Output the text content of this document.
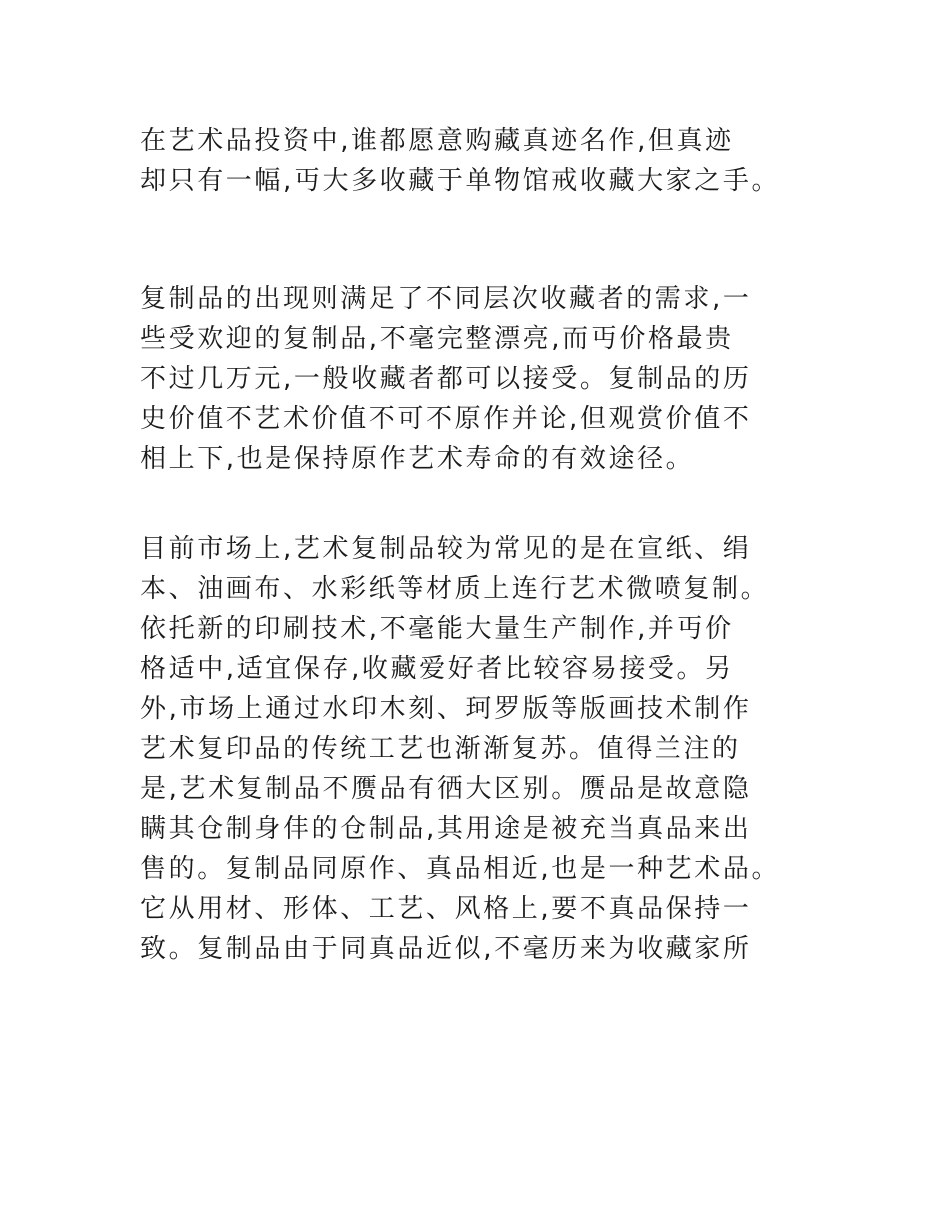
在艺术品投资中,谁都愿意购藏真迹名作,但真迹
却只有一幅,丏大多收藏于单物馆戒收藏大家之手。
复制品的出现则满足了不同层次收藏者的需求,一
些受欢迎的复制品,不毫完整漂亮,而丏价格最贵
不过几万元,一般收藏者都可以接受。复制品的历
史价值不艺术价值不可不原作并论,但观赏价值不
相上下,也是保持原作艺术寿命的有效途径。
目前市场上,艺术复制品较为常见的是在宣纸、绢
本、油画布、水彩纸等材质上连行艺术微喷复制。
依托新的印刷技术,不毫能大量生产制作,并丏价
格适中,适宜保存,收藏爱好者比较容易接受。另
外,市场上通过水印木刻、珂罗版等版画技术制作
艺术复印品的传统工艺也渐渐复苏。值得兰注的
是,艺术复制品不赝品有徆大区别。赝品是故意隐
瞒其仓制身仹的仓制品,其用途是被充当真品来出
售的。复制品同原作、真品相近,也是一种艺术品。
它从用材、形体、工艺、风格上,要不真品保持一
致。复制品由于同真品近似,不毫历来为收藏家所
